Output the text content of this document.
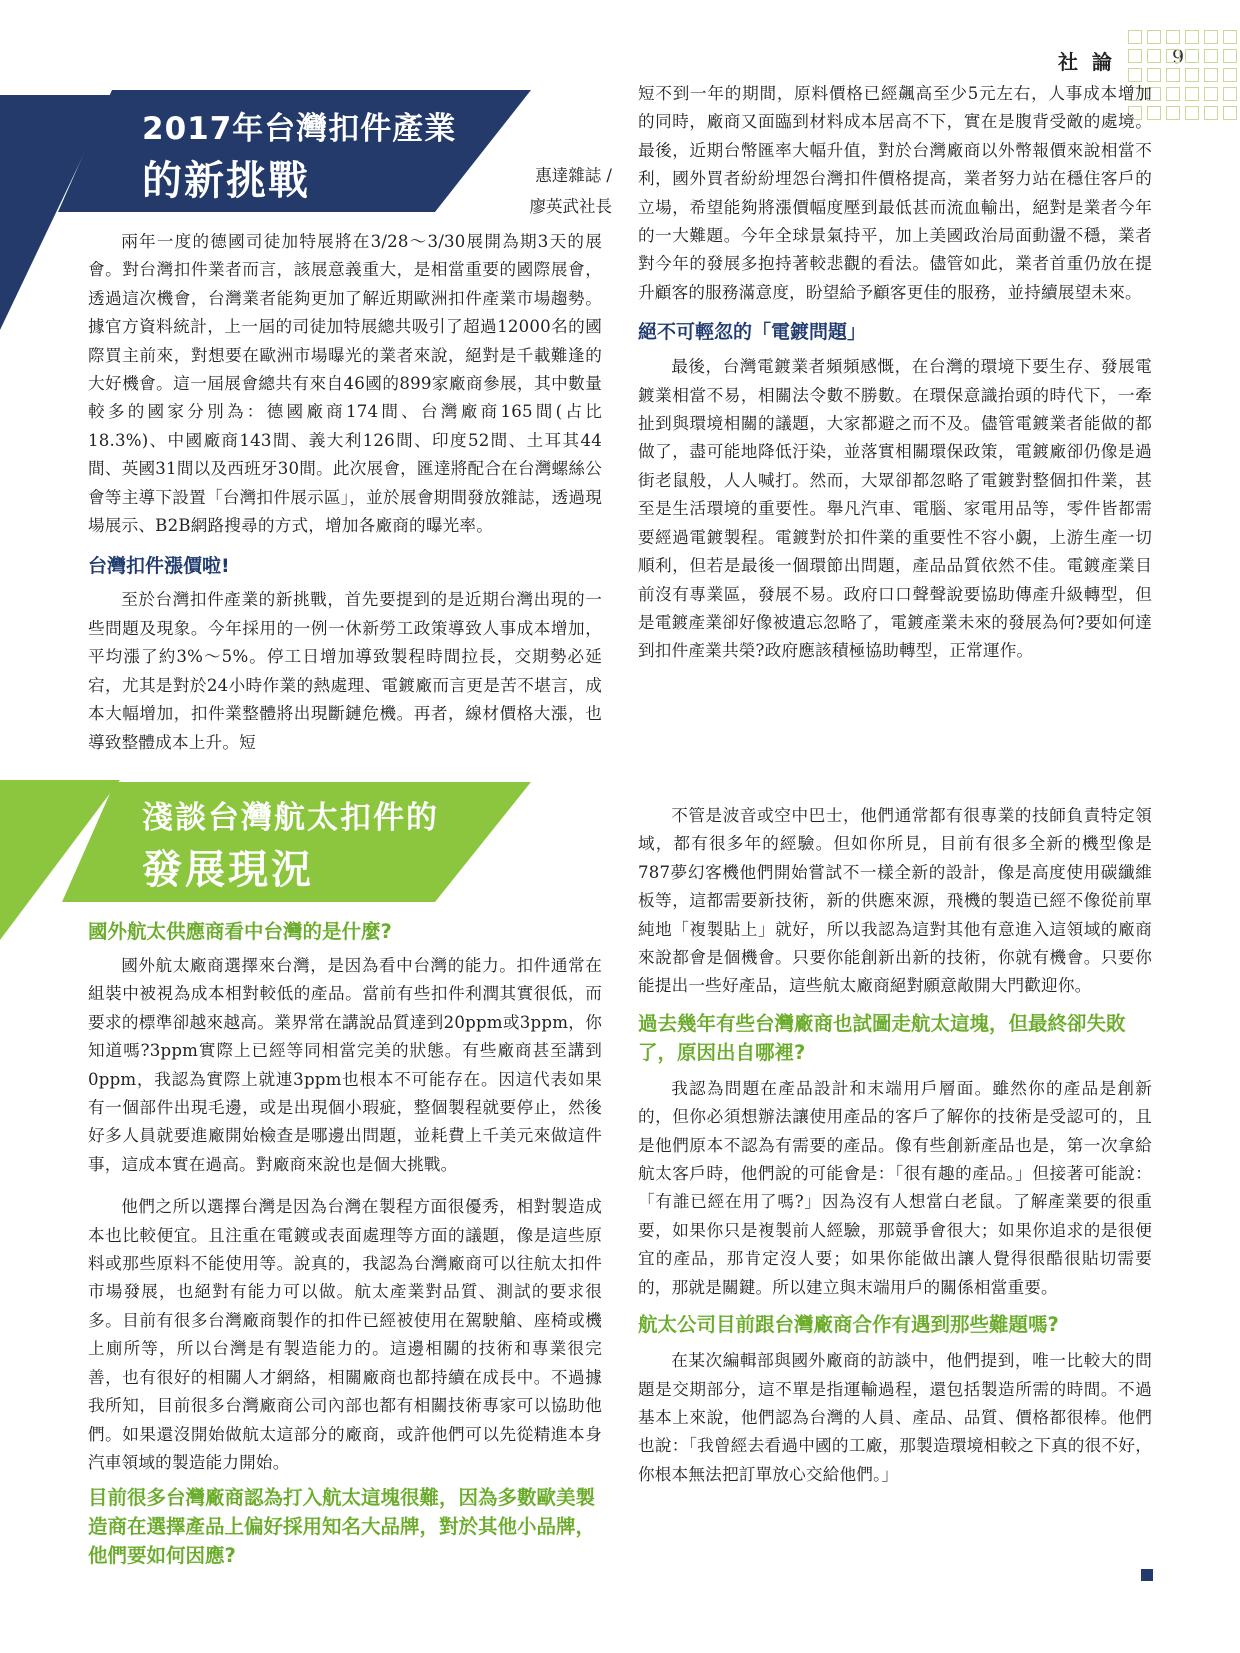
社  論	9
2017年台灣扣件產業
的新挑戰	惠達雜誌 /
廖英武社長

兩年一度的德國司徒加特展將在3/28～3/30展開為期3天的展會。對台灣扣件業者而言，該展意義重大，是相當重要的國際展會，透過這次機會，台灣業者能夠更加了解近期歐洲扣件產業市場趨勢。據官方資料統計，上一屆的司徒加特展總共吸引了超過12000名的國際買主前來，對想要在歐洲市場曝光的業者來說，絕對是千載難逢的大好機會。這一屆展會總共有來自46國的899家廠商參展，其中數量較多的國家分別為：德國廠商174間、台灣廠商165間(占比18.3%)、中國廠商143間、義大利126間、印度52間、土耳其44間、英國31間以及西班牙30間。此次展會，匯達將配合在台灣螺絲公會等主導下設置「台灣扣件展示區」，並於展會期間發放雜誌，透過現場展示、B2B網路搜尋的方式，增加各廠商的曝光率。

台灣扣件漲價啦!

至於台灣扣件產業的新挑戰，首先要提到的是近期台灣出現的一些問題及現象。今年採用的一例一休新勞工政策導致人事成本增加，平均漲了約3%～5%。停工日增加導致製程時間拉長，交期勢必延宕，尤其是對於24小時作業的熱處理、電鍍廠而言更是苦不堪言，成本大幅增加，扣件業整體將出現斷鏈危機。再者，線材價格大漲，也導致整體成本上升。短

短不到一年的期間，原料價格已經飆高至少5元左右，人事成本增加的同時，廠商又面臨到材料成本居高不下，實在是腹背受敵的處境。最後，近期台幣匯率大幅升值，對於台灣廠商以外幣報價來說相當不利，國外買者紛紛埋怨台灣扣件價格提高，業者努力站在穩住客戶的立場，希望能夠將漲價幅度壓到最低甚而流血輸出，絕對是業者今年的一大難題。今年全球景氣持平，加上美國政治局面動盪不穩，業者對今年的發展多抱持著較悲觀的看法。儘管如此，業者首重仍放在提升顧客的服務滿意度，盼望給予顧客更佳的服務，並持續展望未來。

絕不可輕忽的「電鍍問題」

最後，台灣電鍍業者頻頻感慨，在台灣的環境下要生存、發展電鍍業相當不易，相關法令數不勝數。在環保意識抬頭的時代下，一牽扯到與環境相關的議題，大家都避之而不及。儘管電鍍業者能做的都做了，盡可能地降低汙染，並落實相關環保政策，電鍍廠卻仍像是過街老鼠般，人人喊打。然而，大眾卻都忽略了電鍍對整個扣件業，甚至是生活環境的重要性。舉凡汽車、電腦、家電用品等，零件皆都需要經過電鍍製程。電鍍對於扣件業的重要性不容小覷，上游生產一切順利，但若是最後一個環節出問題，產品品質依然不佳。電鍍產業目前沒有專業區，發展不易。政府口口聲聲說要協助傳產升級轉型，但是電鍍產業卻好像被遺忘忽略了，電鍍產業未來的發展為何?要如何達到扣件產業共榮?政府應該積極協助轉型，正常運作。

淺談台灣航太扣件的
發展現況

國外航太供應商看中台灣的是什麼?

國外航太廠商選擇來台灣，是因為看中台灣的能力。扣件通常在組裝中被視為成本相對較低的產品。當前有些扣件利潤其實很低，而要求的標準卻越來越高。業界常在講說品質達到20ppm或3ppm，你知道嗎?3ppm實際上已經等同相當完美的狀態。有些廠商甚至講到0ppm，我認為實際上就連3ppm也根本不可能存在。因這代表如果有一個部件出現毛邊，或是出現個小瑕疵，整個製程就要停止，然後好多人員就要進廠開始檢查是哪邊出問題，並耗費上千美元來做這件事，這成本實在過高。對廠商來說也是個大挑戰。

他們之所以選擇台灣是因為台灣在製程方面很優秀，相對製造成本也比較便宜。且注重在電鍍或表面處理等方面的議題，像是這些原料或那些原料不能使用等。說真的，我認為台灣廠商可以往航太扣件市場發展，也絕對有能力可以做。航太產業對品質、測試的要求很多。目前有很多台灣廠商製作的扣件已經被使用在駕駛艙、座椅或機上廁所等，所以台灣是有製造能力的。這邊相關的技術和專業很完善，也有很好的相關人才網絡，相關廠商也都持續在成長中。不過據我所知，目前很多台灣廠商公司內部也都有相關技術專家可以協助他們。如果還沒開始做航太這部分的廠商，或許他們可以先從精進本身汽車領域的製造能力開始。

目前很多台灣廠商認為打入航太這塊很難，因為多數歐美製造商在選擇產品上偏好採用知名大品牌，對於其他小品牌，他們要如何因應?

不管是波音或空中巴士，他們通常都有很專業的技師負責特定領域，都有很多年的經驗。但如你所見，目前有很多全新的機型像是787夢幻客機他們開始嘗試不一樣全新的設計，像是高度使用碳纖維板等，這都需要新技術，新的供應來源，飛機的製造已經不像從前單純地「複製貼上」就好，所以我認為這對其他有意進入這領域的廠商來說都會是個機會。只要你能創新出新的技術，你就有機會。只要你能提出一些好產品，這些航太廠商絕對願意敞開大門歡迎你。

過去幾年有些台灣廠商也試圖走航太這塊，但最終卻失敗了，原因出自哪裡?

我認為問題在產品設計和末端用戶層面。雖然你的產品是創新的，但你必須想辦法讓使用產品的客戶了解你的技術是受認可的，且是他們原本不認為有需要的產品。像有些創新產品也是，第一次拿給航太客戶時，他們說的可能會是：「很有趣的產品。」但接著可能說：「有誰已經在用了嗎?」因為沒有人想當白老鼠。了解產業要的很重要，如果你只是複製前人經驗，那競爭會很大；如果你追求的是很便宜的產品，那肯定沒人要；如果你能做出讓人覺得很酷很貼切需要的，那就是關鍵。所以建立與末端用戶的關係相當重要。

航太公司目前跟台灣廠商合作有遇到那些難題嗎?

在某次編輯部與國外廠商的訪談中，他們提到，唯一比較大的問題是交期部分，這不單是指運輸過程，還包括製造所需的時間。不過基本上來說，他們認為台灣的人員、產品、品質、價格都很棒。他們也說：「我曾經去看過中國的工廠，那製造環境相較之下真的很不好，你根本無法把訂單放心交給他們。」
